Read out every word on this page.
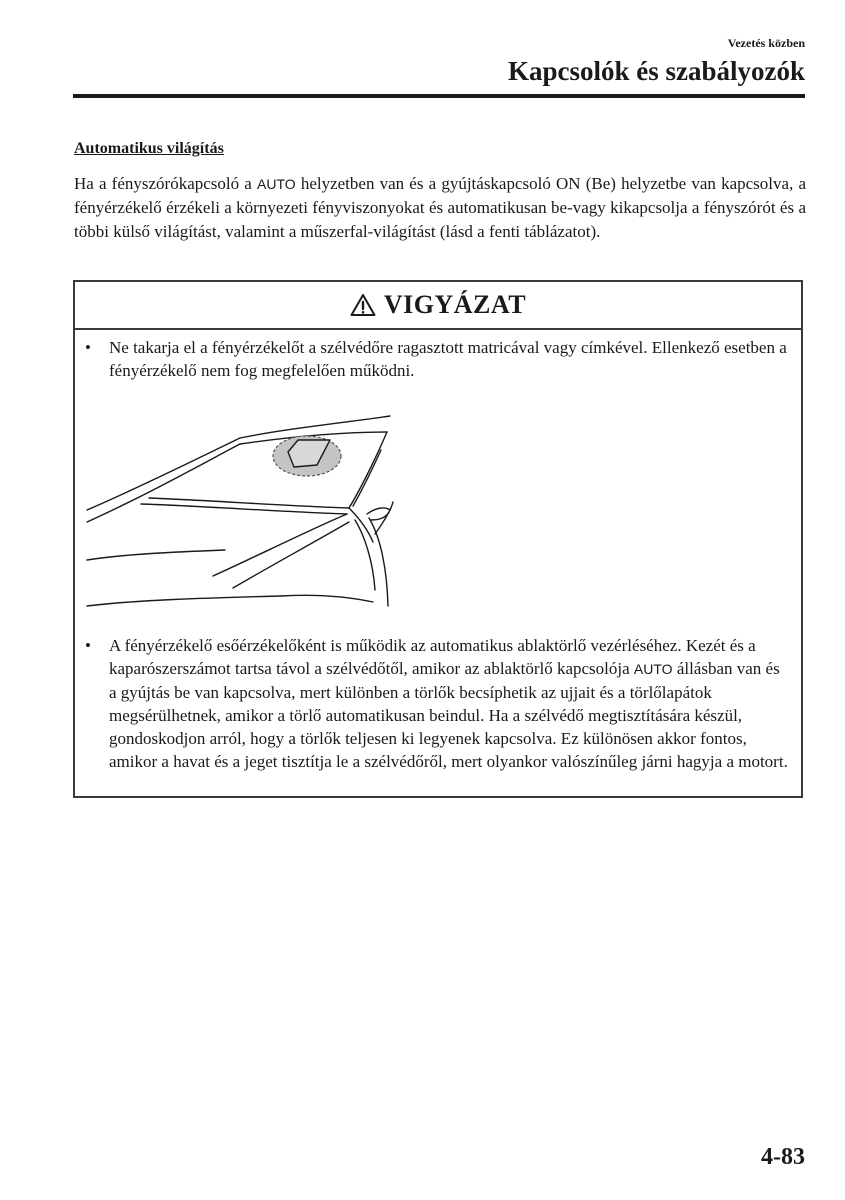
Vezetés közben
Kapcsolók és szabályozók
Automatikus világítás
Ha a fényszórókapcsoló a AUTO helyzetben van és a gyújtáskapcsoló ON (Be) helyzetbe van kapcsolva, a fényérzékelő érzékeli a környezeti fényviszonyokat és automatikusan be-vagy kikapcsolja a fényszórót és a többi külső világítást, valamint a műszerfal-világítást (lásd a fenti táblázatot).
VIGYÁZAT
•	Ne takarja el a fényérzékelőt a szélvédőre ragasztott matricával vagy címkével. Ellenkező esetben a fényérzékelő nem fog megfelelően működni.
•	A fényérzékelő esőérzékelőként is működik az automatikus ablaktörlő vezérléséhez. Kezét és a kaparószerszámot tartsa távol a szélvédőtől, amikor az ablaktörlő kapcsolója AUTO állásban van és a gyújtás be van kapcsolva, mert különben a törlők becsíphetik az ujjait és a törlőlapátok megsérülhetnek, amikor a törlő automatikusan beindul. Ha a szélvédő megtisztítására készül, gondoskodjon arról, hogy a törlők teljesen ki legyenek kapcsolva. Ez különösen akkor fontos, amikor a havat és a jeget tisztítja le a szélvédőről, mert olyankor valószínűleg járni hagyja a motort.
4-83
